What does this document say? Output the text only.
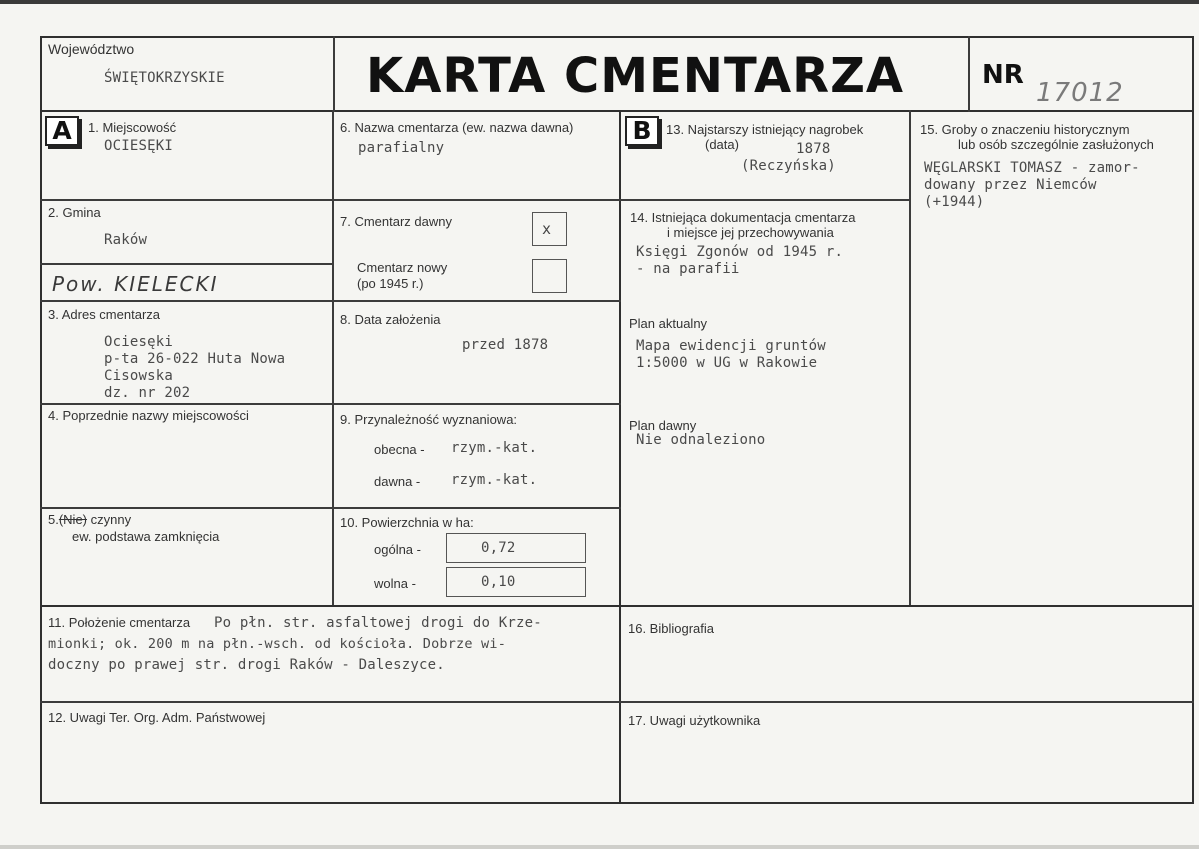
Województwo
ŚWIĘTOKRZYSKIE	KARTA CMENTARZA	NR
17012
A	1. Miejscowość
OCIESĘKI
2. Gmina
Raków
Pow. KIELECKI
3. Adres cmentarza
Ociesęki
p-ta 26-022 Huta Nowa
Cisowska
dz. nr 202
4. Poprzednie nazwy miejscowości
5.(Nie) czynny
ew. podstawa zamknięcia
6. Nazwa cmentarza (ew. nazwa dawna)
parafialny
7. Cmentarz dawny	x
Cmentarz nowy
(po 1945 r.)
8. Data założenia
przed 1878
9. Przynależność wyznaniowa:
obecna - rzym.-kat.
dawna - rzym.-kat.
10. Powierzchnia w ha:
ogólna -	0,72
wolna -	0,10
11. Położenie cmentarza Po płn. str. asfaltowej drogi do Krze-
mionki; ok. 200 m na płn.-wsch. od kościoła. Dobrze wi-
doczny po prawej str. drogi Raków - Daleszyce.
12. Uwagi Ter. Org. Adm. Państwowej
B	13. Najstarszy istniejący nagrobek
(data)	1878
(Reczyńska)
14. Istniejąca dokumentacja cmentarza
i miejsce jej przechowywania
Księgi Zgonów od 1945 r.
- na parafii
Plan aktualny
Mapa ewidencji gruntów
1:5000 w UG w Rakowie
Plan dawny
Nie odnaleziono
15. Groby o znaczeniu historycznym
lub osób szczególnie zasłużonych
WĘGLARSKI TOMASZ - zamor-
dowany przez Niemców
(+1944)
16. Bibliografia
17. Uwagi użytkownika
